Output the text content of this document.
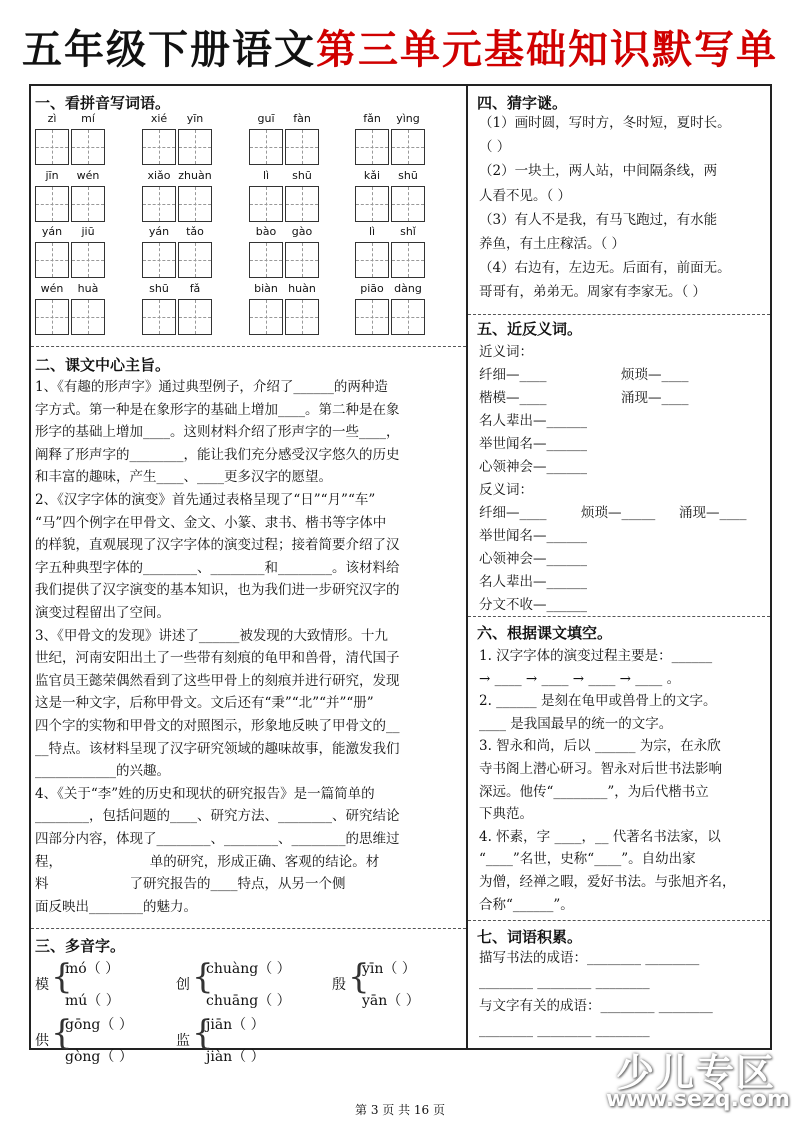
五年级下册语文第三单元基础知识默写单
一、看拼音写词语。
zì	mí	xié	yīn	guī	fàn	fǎn	yìng
jīn	wén	xiǎo zhuàn	lì	shū	kǎi	shū
yán	jiū	yán	tǎo	bào	gào	lì	shǐ
wén	huà	shū	fǎ	biàn huàn	piāo dàng
二、课文中心主旨。
1、《有趣的形声字》通过典型例子，介绍了______的两种造
字方式。第一种是在象形字的基础上增加____。第二种是在象
形字的基础上增加____。这则材料介绍了形声字的一些____，
阐释了形声字的________，能让我们充分感受汉字悠久的历史
和丰富的趣味，产生____、____更多汉字的愿望。
2、《汉字字体的演变》首先通过表格呈现了“日”“月”“车”
“马”四个例字在甲骨文、金文、小篆、隶书、楷书等字体中
的样貌，直观展现了汉字字体的演变过程；接着简要介绍了汉
字五种典型字体的________、________和________。该材料给
我们提供了汉字演变的基本知识，也为我们进一步研究汉字的
演变过程留出了空间。
3、《甲骨文的发现》讲述了______被发现的大致情形。十九
世纪，河南安阳出土了一些带有刻痕的龟甲和兽骨，清代国子
监官员王懿荣偶然看到了这些甲骨上的刻痕并进行研究，发现
这是一种文字，后称甲骨文。文后还有“秉”“北”“并”“册”
四个字的实物和甲骨文的对照图示，形象地反映了甲骨文的__
__特点。该材料呈现了汉字研究领域的趣味故事，能激发我们
____________的兴趣。
4、《关于“李”姓的历史和现状的研究报告》是一篇简单的
________，包括问题的____、研究方法、________、研究结论
四部分内容，体现了________、________、________的思维过
程，　　　　　　　单的研究，形成正确、客观的结论。材
料　　　　　　了研究报告的____特点，从另一个侧
面反映出________的魅力。
三、多音字。
模 {
mó（ ）
mú（ ）
创 {
chuàng（ ）
chuāng（ ）
殷 {
yīn（ ）
yān（ ）
供 {
gōng（ ）
gòng（ ）
监 {
jiān（ ）
jiàn（ ）
四、猜字谜。
（1）画时圆，写时方，冬时短，夏时长。
（ ）
（2）一块土，两人站，中间隔条线，两
人看不见。（ ）
（3）有人不是我，有马飞跑过，有水能
养鱼，有土庄稼活。（ ）
（4）右边有，左边无。后面有，前面无。
哥哥有，弟弟无。周家有李家无。（ ）
五、近反义词。
近义词：
纤细—____	烦琐—____
楷模—____	涌现—____
名人辈出—______
举世闻名—______
心领神会—______
反义词：
纤细—____	烦琐—_____ 涌现—____
举世闻名—______
心领神会—______
名人辈出—______
分文不收—______
六、根据课文填空。
1. 汉字字体的演变过程主要是：______
→ ____ → ____ → ____ → ____ 。
2. ______ 是刻在龟甲或兽骨上的文字。
____ 是我国最早的统一的文字。
3. 智永和尚，后以 ______ 为宗，在永欣
寺书阁上潜心研习。智永对后世书法影响
深远。他传“________”，为后代楷书立
下典范。
4. 怀素，字 ____，__ 代著名书法家，以
“____”名世，史称“____”。自幼出家
为僧，经禅之暇，爱好书法。与张旭齐名，
合称“______”。
七、词语积累。
描写书法的成语：________ ________
________ ________ ________
与文字有关的成语：________ ________
________ ________ ________
第 3 页 共 16 页
少儿专区
www.sezq.com
